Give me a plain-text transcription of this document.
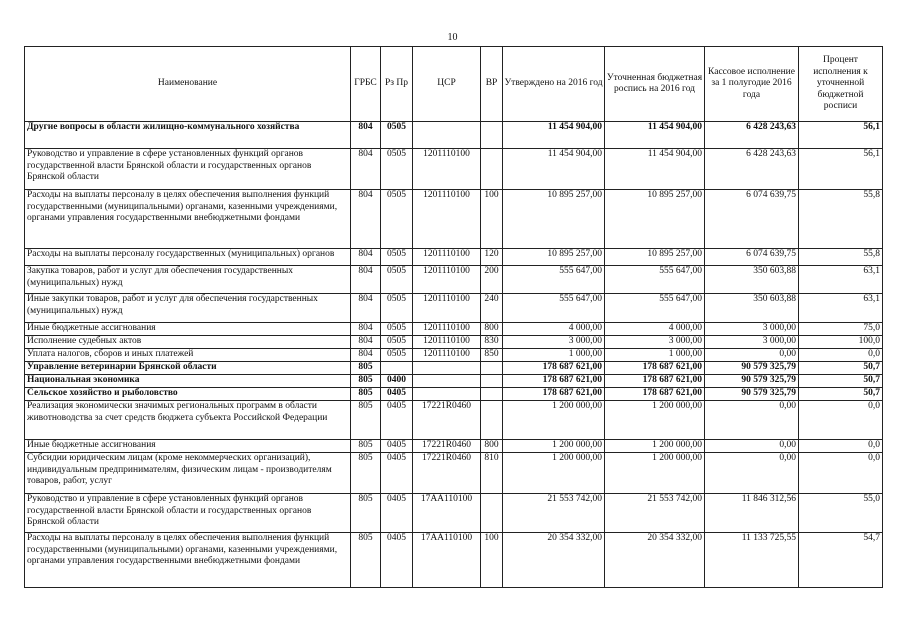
10
Наименование	ГРБС	Рз Пр	ЦСР	ВР	Утверждено на 2016 год	Уточненная бюджетная роспись на 2016 год	Кассовое исполнение за 1 полугодие 2016 года	Процент исполнения к уточненной бюджетной росписи
Другие вопросы в области жилищно-коммунального хозяйства	804	0505			11 454 904,00	11 454 904,00	6 428 243,63	56,1
Руководство и управление в сфере установленных функций органов государственной власти Брянской области и государственных органов Брянской области	804	0505	1201110100		11 454 904,00	11 454 904,00	6 428 243,63	56,1
Расходы на выплаты персоналу в целях обеспечения выполнения функций государственными (муниципальными) органами, казенными учреждениями, органами управления государственными внебюджетными фондами	804	0505	1201110100	100	10 895 257,00	10 895 257,00	6 074 639,75	55,8
Расходы на выплаты персоналу государственных (муниципальных) органов	804	0505	1201110100	120	10 895 257,00	10 895 257,00	6 074 639,75	55,8
Закупка товаров, работ и услуг для обеспечения государственных (муниципальных) нужд	804	0505	1201110100	200	555 647,00	555 647,00	350 603,88	63,1
Иные закупки товаров, работ и услуг для обеспечения государственных (муниципальных) нужд	804	0505	1201110100	240	555 647,00	555 647,00	350 603,88	63,1
Иные бюджетные ассигнования	804	0505	1201110100	800	4 000,00	4 000,00	3 000,00	75,0
Исполнение судебных актов	804	0505	1201110100	830	3 000,00	3 000,00	3 000,00	100,0
Уплата налогов, сборов и иных платежей	804	0505	1201110100	850	1 000,00	1 000,00	0,00	0,0
Управление ветеринарии Брянской области	805				178 687 621,00	178 687 621,00	90 579 325,79	50,7
Национальная экономика	805	0400			178 687 621,00	178 687 621,00	90 579 325,79	50,7
Сельское хозяйство и рыболовство	805	0405			178 687 621,00	178 687 621,00	90 579 325,79	50,7
Реализация экономически значимых региональных программ в области животноводства за счет средств бюджета субъекта Российской Федерации	805	0405	17221R0460		1 200 000,00	1 200 000,00	0,00	0,0
Иные бюджетные ассигнования	805	0405	17221R0460	800	1 200 000,00	1 200 000,00	0,00	0,0
Субсидии юридическим лицам (кроме некоммерческих организаций), индивидуальным предпринимателям, физическим лицам - производителям товаров, работ, услуг	805	0405	17221R0460	810	1 200 000,00	1 200 000,00	0,00	0,0
Руководство и управление в сфере установленных функций органов государственной власти Брянской области и государственных органов Брянской области	805	0405	17АА110100		21 553 742,00	21 553 742,00	11 846 312,56	55,0
Расходы на выплаты персоналу в целях обеспечения выполнения функций государственными (муниципальными) органами, казенными учреждениями, органами управления государственными внебюджетными фондами	805	0405	17АА110100	100	20 354 332,00	20 354 332,00	11 133 725,55	54,7
